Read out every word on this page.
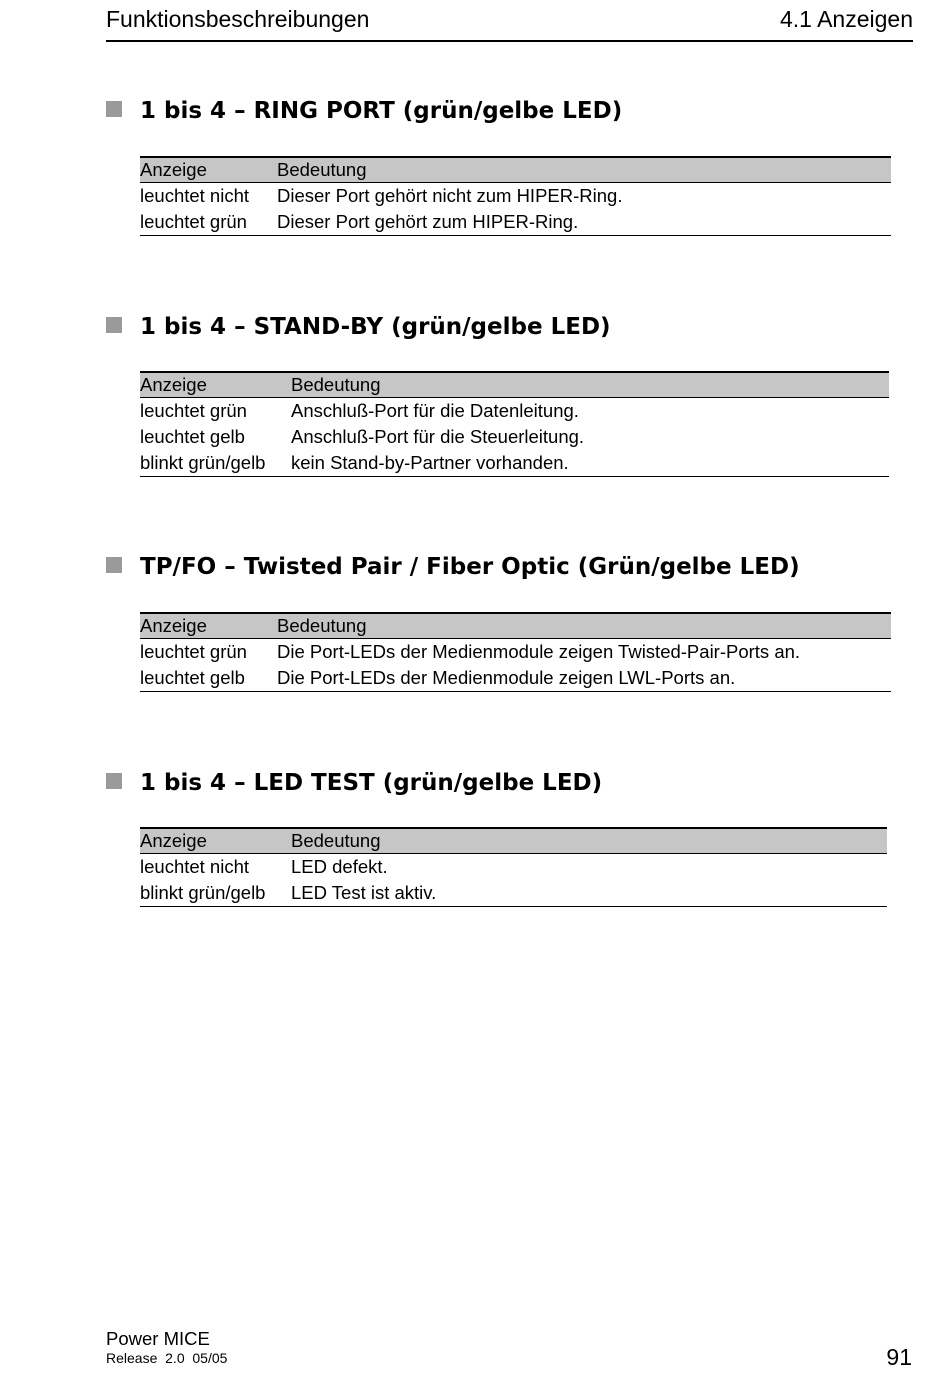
Funktionsbeschreibungen	4.1 Anzeigen
1 bis 4 – RING PORT (grün/gelbe LED)
Anzeige	Bedeutung
leuchtet nicht	Dieser Port gehört nicht zum HIPER-Ring.
leuchtet grün	Dieser Port gehört zum HIPER-Ring.
1 bis 4 – STAND-BY (grün/gelbe LED)
Anzeige	Bedeutung
leuchtet grün	Anschluß-Port für die Datenleitung.
leuchtet gelb	Anschluß-Port für die Steuerleitung.
blinkt grün/gelb	kein Stand-by-Partner vorhanden.
TP/FO – Twisted Pair / Fiber Optic (Grün/gelbe LED)
Anzeige	Bedeutung
leuchtet grün	Die Port-LEDs der Medienmodule zeigen Twisted-Pair-Ports an.
leuchtet gelb	Die Port-LEDs der Medienmodule zeigen LWL-Ports an.
1 bis 4 – LED TEST (grün/gelbe LED)
Anzeige	Bedeutung
leuchtet nicht	LED defekt.
blinkt grün/gelb	LED Test ist aktiv.
Power MICE
Release  2.0  05/05	91
